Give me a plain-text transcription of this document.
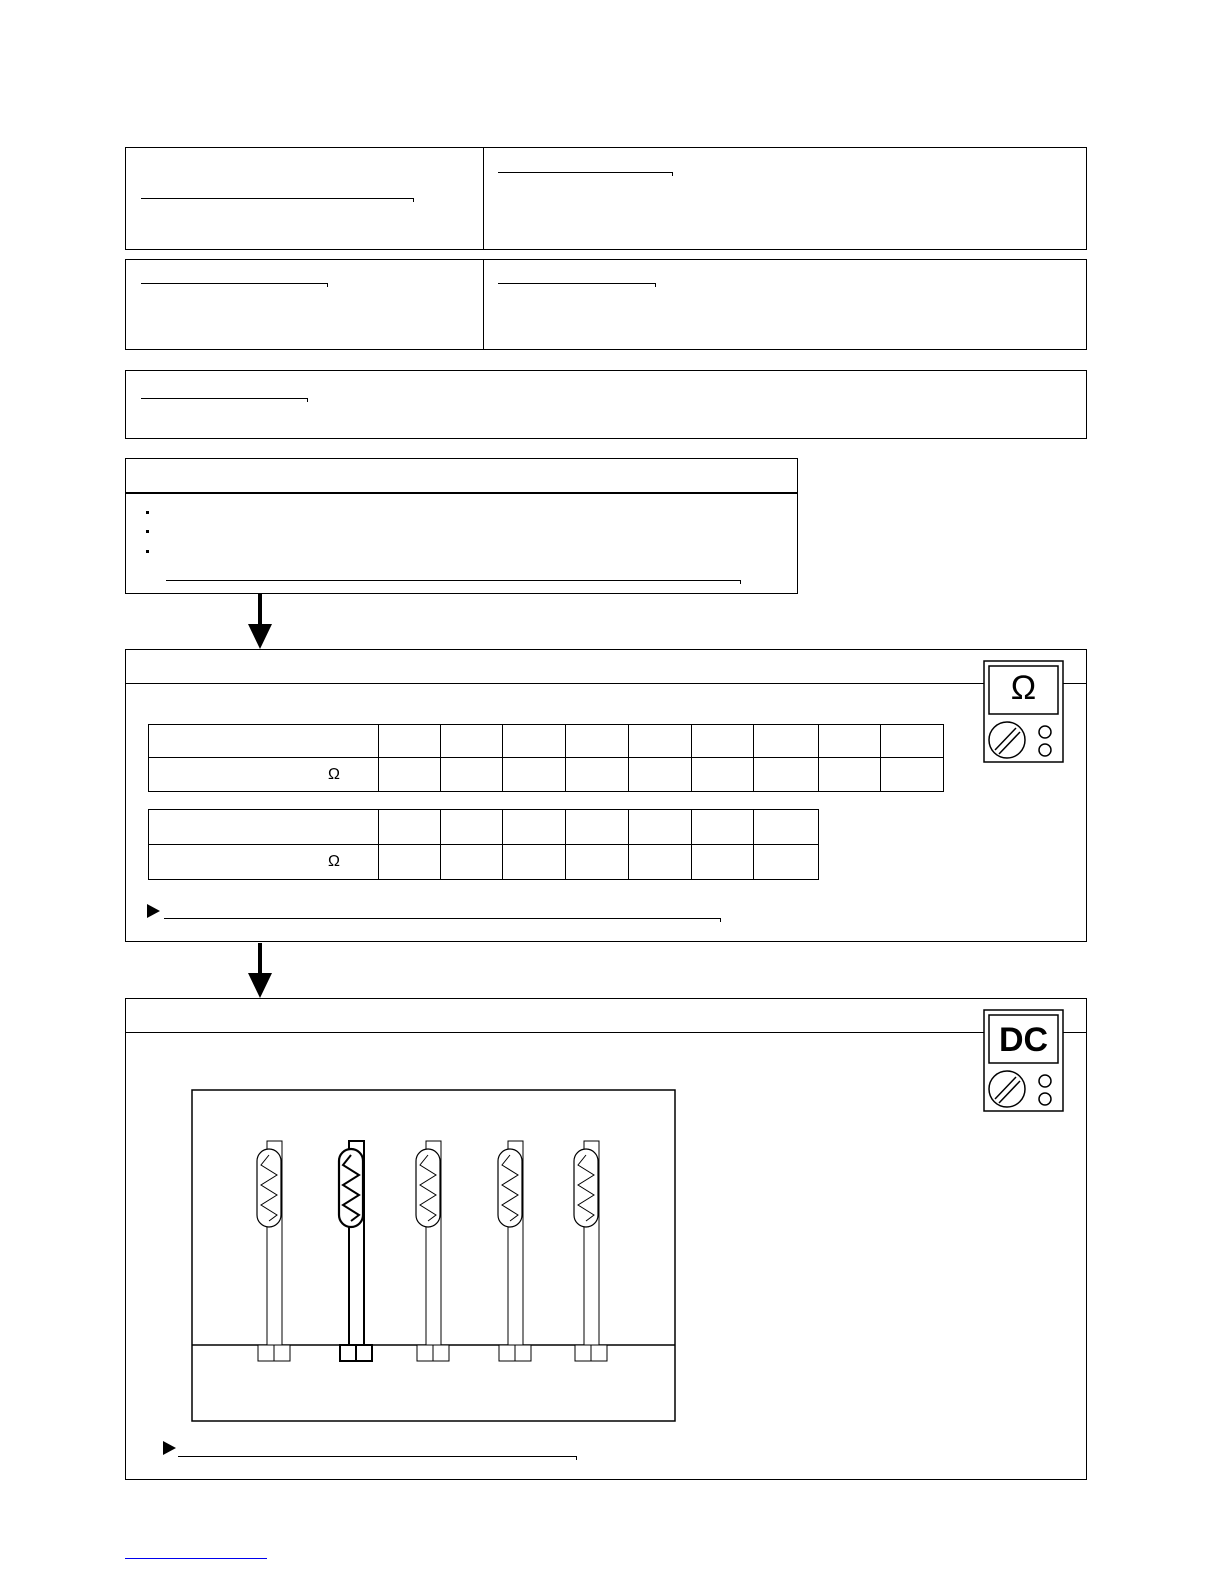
Ω

Ω
Ω
DC
